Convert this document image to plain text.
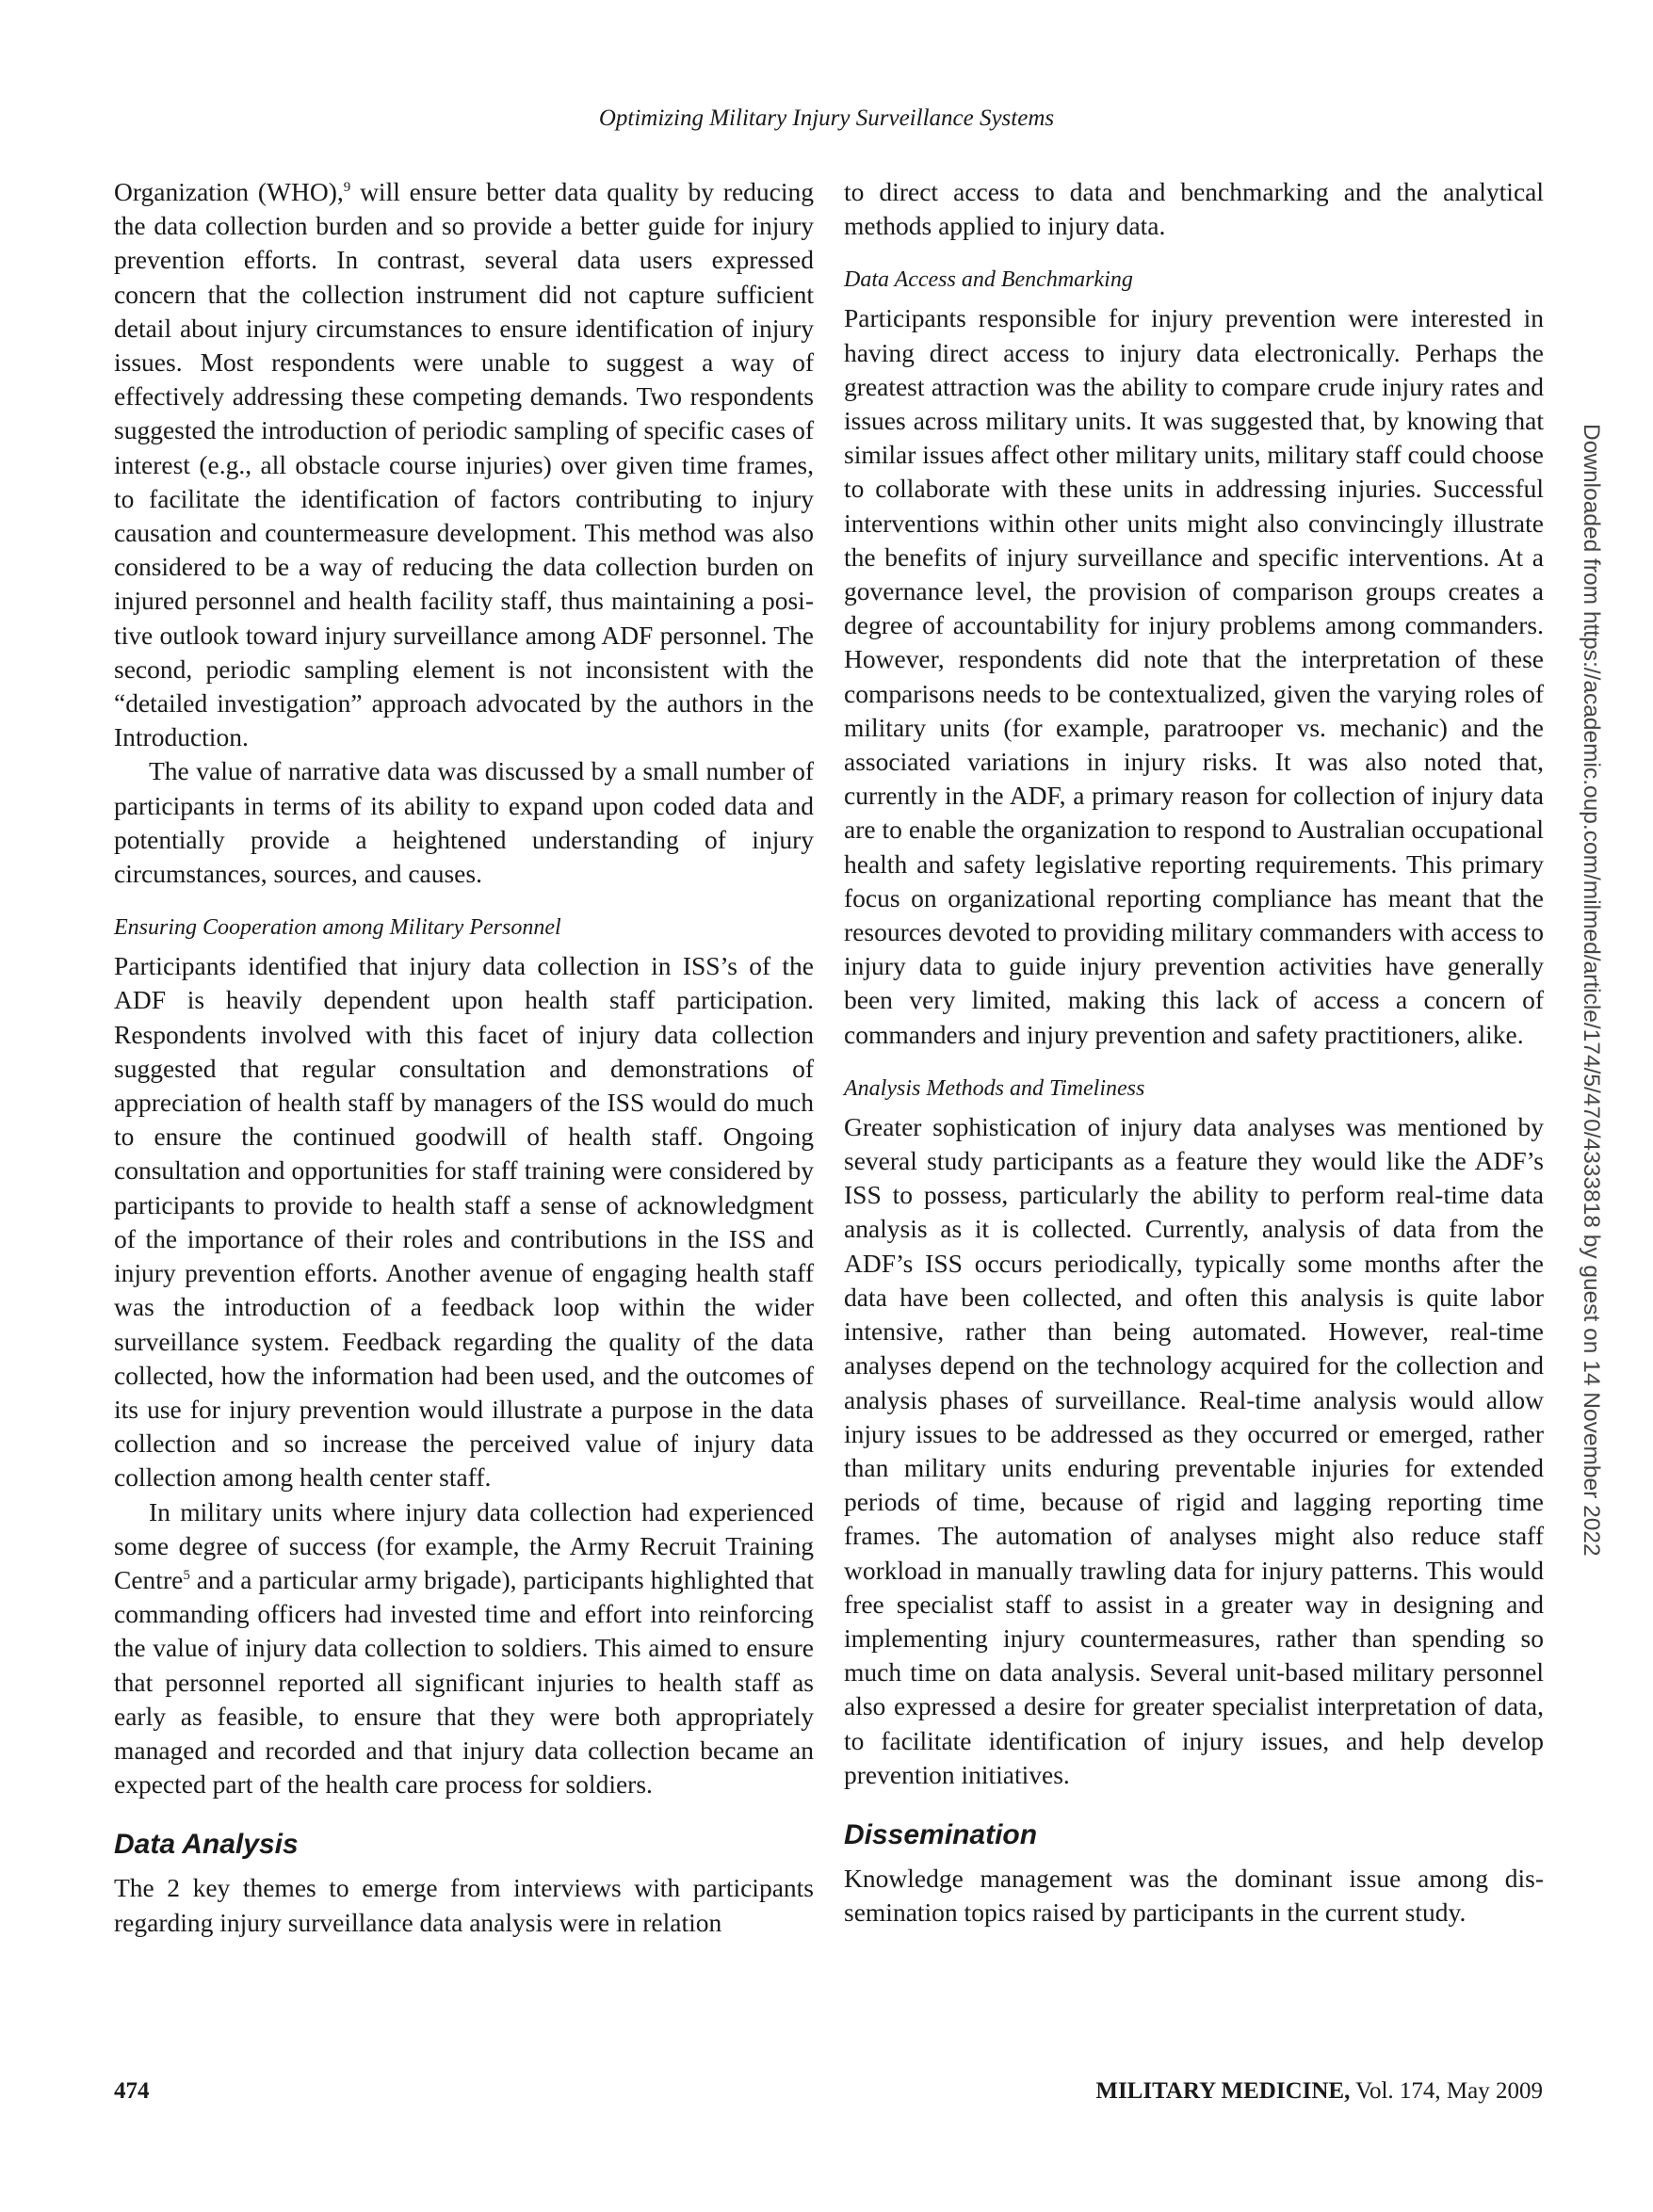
Optimizing Military Injury Surveillance Systems

Organization (WHO),$^9$ will ensure better data quality by reducing the data collection burden and so provide a better guide for injury prevention efforts. In contrast, several data users expressed concern that the collection instrument did not capture sufficient detail about injury circumstances to ensure identification of injury issues. Most respondents were unable to suggest a way of effectively addressing these competing demands. Two respondents suggested the introduction of periodic sampling of specific cases of interest (e.g., all obstacle course injuries) over given time frames, to facilitate the identification of factors contributing to injury causation and countermeasure development. This method was also considered to be a way of reducing the data collection burden on injured personnel and health facility staff, thus maintaining a positive outlook toward injury surveillance among ADF personnel. The second, periodic sampling element is not inconsistent with the “detailed investigation” approach advocated by the authors in the Introduction.

The value of narrative data was discussed by a small number of participants in terms of its ability to expand upon coded data and potentially provide a heightened understanding of injury circumstances, sources, and causes.

Ensuring Cooperation among Military Personnel

Participants identified that injury data collection in ISS’s of the ADF is heavily dependent upon health staff participation. Respondents involved with this facet of injury data collection suggested that regular consultation and demonstrations of appreciation of health staff by managers of the ISS would do much to ensure the continued goodwill of health staff. Ongoing consultation and opportunities for staff training were considered by participants to provide to health staff a sense of acknowledgment of the importance of their roles and contributions in the ISS and injury prevention efforts. Another avenue of engaging health staff was the introduction of a feedback loop within the wider surveillance system. Feedback regarding the quality of the data collected, how the information had been used, and the outcomes of its use for injury prevention would illustrate a purpose in the data collection and so increase the perceived value of injury data collection among health center staff.

In military units where injury data collection had experienced some degree of success (for example, the Army Recruit Training Centre$^5$ and a particular army brigade), participants highlighted that commanding officers had invested time and effort into reinforcing the value of injury data collection to soldiers. This aimed to ensure that personnel reported all significant injuries to health staff as early as feasible, to ensure that they were both appropriately managed and recorded and that injury data collection became an expected part of the health care process for soldiers.

Data Analysis

The 2 key themes to emerge from interviews with participants regarding injury surveillance data analysis were in relation

to direct access to data and benchmarking and the analytical methods applied to injury data.

Data Access and Benchmarking

Participants responsible for injury prevention were interested in having direct access to injury data electronically. Perhaps the greatest attraction was the ability to compare crude injury rates and issues across military units. It was suggested that, by knowing that similar issues affect other military units, military staff could choose to collaborate with these units in addressing injuries. Successful interventions within other units might also convincingly illustrate the benefits of injury surveillance and specific interventions. At a governance level, the provision of comparison groups creates a degree of accountability for injury problems among commanders. However, respondents did note that the interpretation of these comparisons needs to be contextualized, given the varying roles of military units (for example, paratrooper vs. mechanic) and the associated variations in injury risks. It was also noted that, currently in the ADF, a primary reason for collection of injury data are to enable the organization to respond to Australian occupational health and safety legislative reporting requirements. This primary focus on organizational reporting compliance has meant that the resources devoted to providing military commanders with access to injury data to guide injury prevention activities have generally been very limited, making this lack of access a concern of commanders and injury prevention and safety practitioners, alike.

Analysis Methods and Timeliness

Greater sophistication of injury data analyses was mentioned by several study participants as a feature they would like the ADF’s ISS to possess, particularly the ability to perform real-time data analysis as it is collected. Currently, analysis of data from the ADF’s ISS occurs periodically, typically some months after the data have been collected, and often this analysis is quite labor intensive, rather than being automated. However, real-time analyses depend on the technology acquired for the collection and analysis phases of surveillance. Real-time analysis would allow injury issues to be addressed as they occurred or emerged, rather than military units enduring preventable injuries for extended periods of time, because of rigid and lagging reporting time frames. The automation of analyses might also reduce staff workload in manually trawling data for injury patterns. This would free specialist staff to assist in a greater way in designing and implementing injury countermeasures, rather than spending so much time on data analysis. Several unit-based military personnel also expressed a desire for greater specialist interpretation of data, to facilitate identification of injury issues, and help develop prevention initiatives.

Dissemination

Knowledge management was the dominant issue among dissemination topics raised by participants in the current study.

Downloaded from https://academic.oup.com/milmed/article/174/5/470/4333818 by guest on 14 November 2022
474	MILITARY MEDICINE, Vol. 174, May 2009
